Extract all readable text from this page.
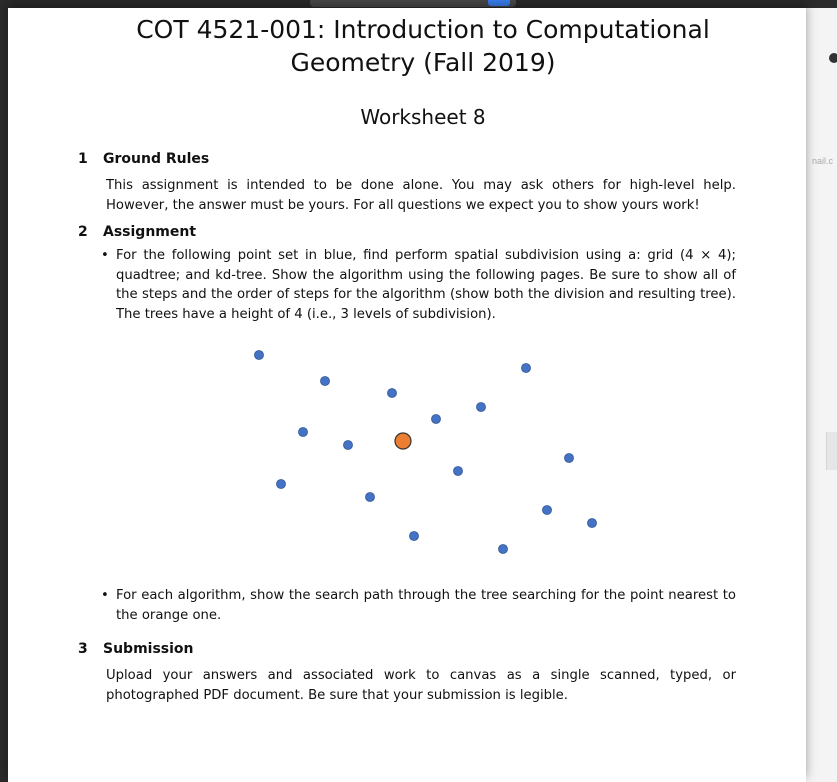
nail.c
COT 4521-001: Introduction to Computational Geometry (Fall 2019)
Worksheet 8
1 Ground Rules
This assignment is intended to be done alone. You may ask others for high-level help. However, the answer must be yours. For all questions we expect you to show yours work!
2 Assignment
• For the following point set in blue, find perform spatial subdivision using a: grid (4 × 4); quadtree; and kd-tree. Show the algorithm using the following pages. Be sure to show all of the steps and the order of steps for the algorithm (show both the division and resulting tree). The trees have a height of 4 (i.e., 3 levels of subdivision).
• For each algorithm, show the search path through the tree searching for the point nearest to the orange one.
3 Submission
Upload your answers and associated work to canvas as a single scanned, typed, or photographed PDF document. Be sure that your submission is legible.
